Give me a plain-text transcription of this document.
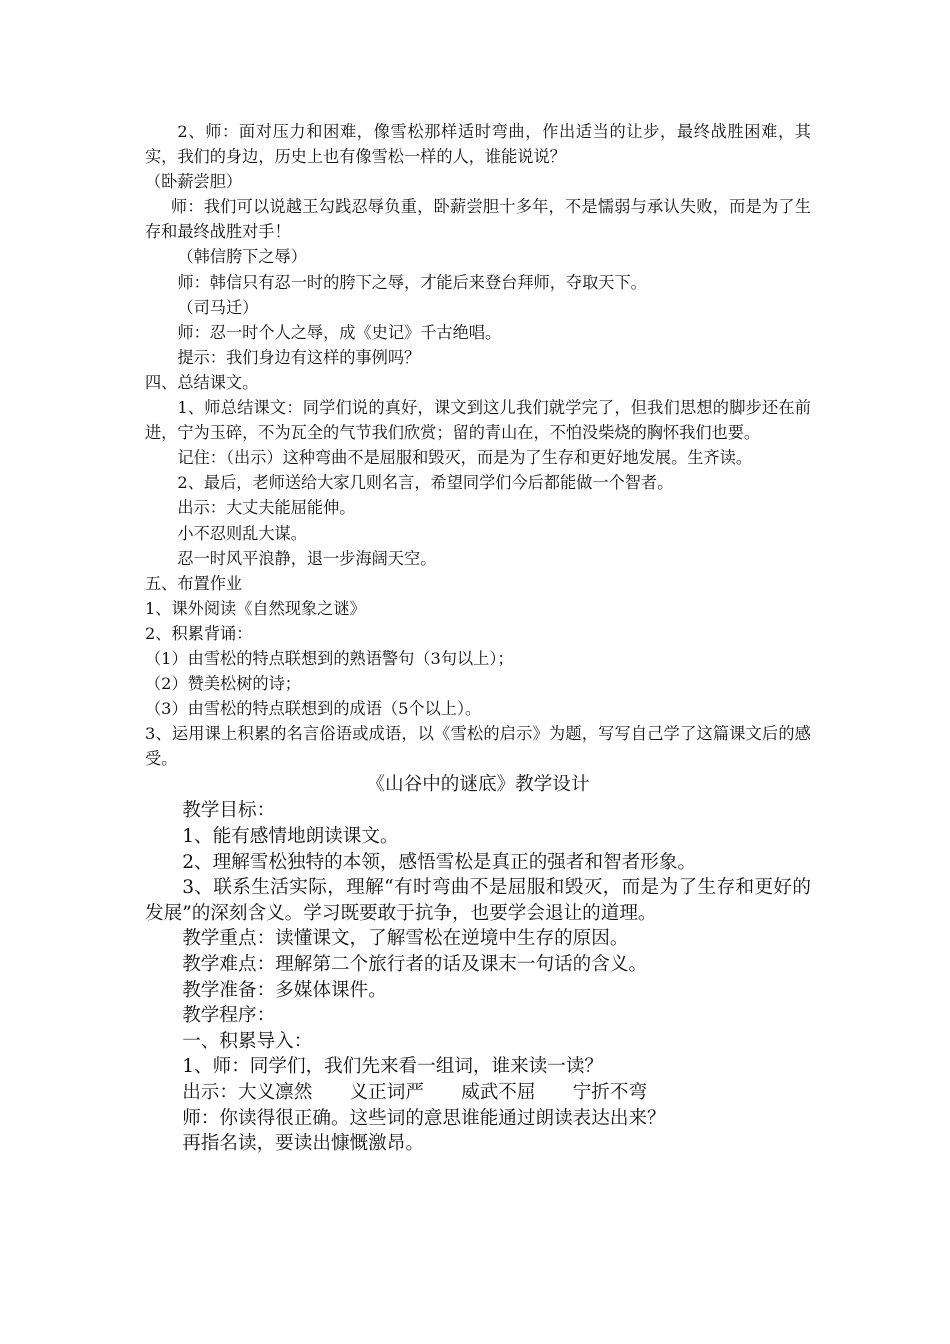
2、师：面对压力和困难，像雪松那样适时弯曲，作出适当的让步，最终战胜困难，其实，我们的身边，历史上也有像雪松一样的人，谁能说说？

（卧薪尝胆）

师：我们可以说越王勾践忍辱负重，卧薪尝胆十多年，不是懦弱与承认失败，而是为了生存和最终战胜对手！

（韩信胯下之辱）

师：韩信只有忍一时的胯下之辱，才能后来登台拜师，夺取天下。

（司马迁）

师：忍一时个人之辱，成《史记》千古绝唱。

提示：我们身边有这样的事例吗？

四、总结课文。

1、师总结课文：同学们说的真好，课文到这儿我们就学完了，但我们思想的脚步还在前进，宁为玉碎，不为瓦全的气节我们欣赏；留的青山在，不怕没柴烧的胸怀我们也要。

记住：（出示）这种弯曲不是屈服和毁灭，而是为了生存和更好地发展。生齐读。

2、最后，老师送给大家几则名言，希望同学们今后都能做一个智者。

出示：大丈夫能屈能伸。

小不忍则乱大谋。

忍一时风平浪静，退一步海阔天空。

五、布置作业

1、课外阅读《自然现象之谜》

2、积累背诵：

（1）由雪松的特点联想到的熟语警句（3句以上）；

（2）赞美松树的诗；

（3）由雪松的特点联想到的成语（5个以上）。

3、运用课上积累的名言俗语或成语，以《雪松的启示》为题，写写自己学了这篇课文后的感受。

《山谷中的谜底》教学设计

教学目标：

1、能有感情地朗读课文。

2、理解雪松独特的本领，感悟雪松是真正的强者和智者形象。

3、联系生活实际，理解“有时弯曲不是屈服和毁灭，而是为了生存和更好的发展”的深刻含义。学习既要敢于抗争，也要学会退让的道理。

教学重点：读懂课文，了解雪松在逆境中生存的原因。

教学难点：理解第二个旅行者的话及课末一句话的含义。

教学准备：多媒体课件。

教学程序：

一、积累导入：

1、师：同学们，我们先来看一组词，谁来读一读？

出示：大义凛然　　义正词严　　威武不屈　　宁折不弯

师：你读得很正确。这些词的意思谁能通过朗读表达出来？

再指名读，要读出慷慨激昂。
